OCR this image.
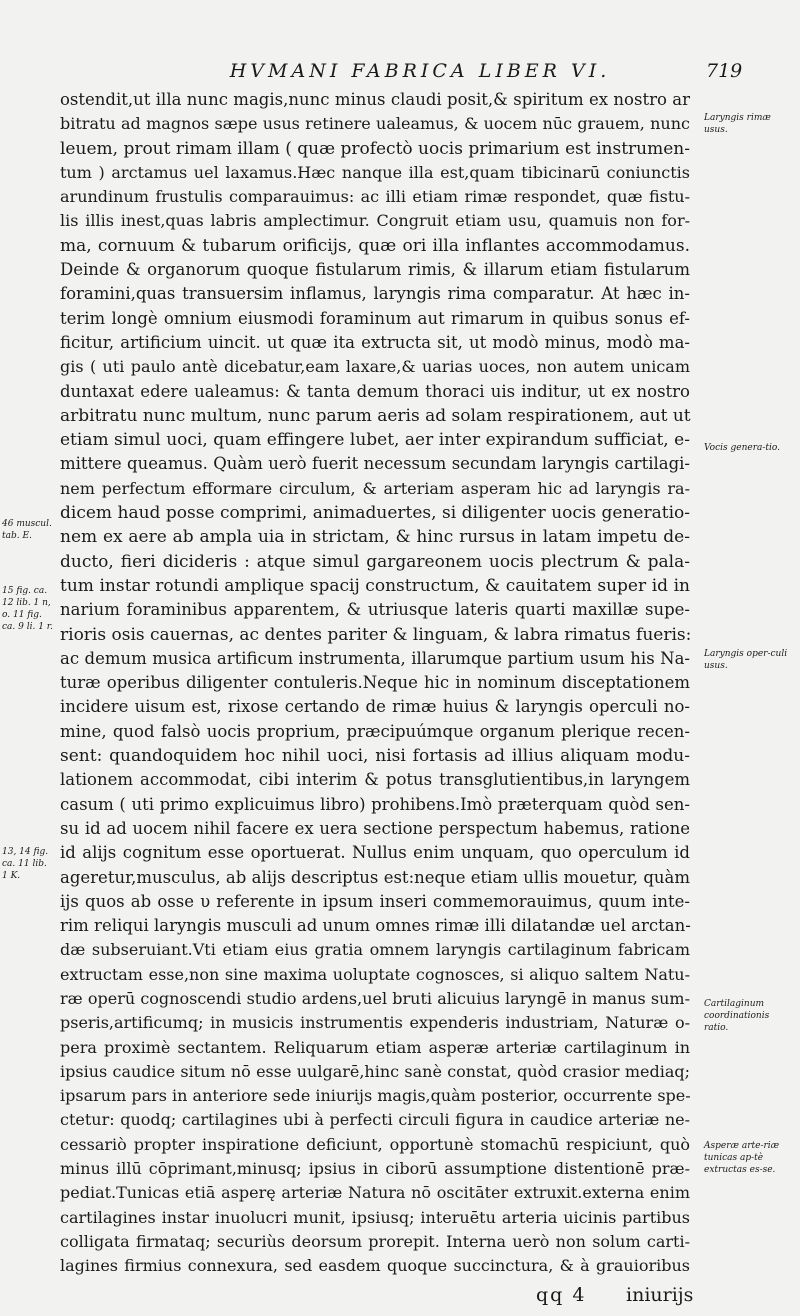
HVMANI FABRICA LIBER VI.	719
ostendit,ut illa nunc magis,nunc minus claudi posit,& spiritum ex nostro ar
bitratu ad magnos sæpe usus retinere ualeamus, & uocem nūc grauem, nunc
leuem, prout rimam illam ( quæ profectò uocis primarium est instrumen-
tum ) arctamus uel laxamus.Hæc nanque illa est,quam tibicinarū coniunctis
arundinum frustulis comparauimus: ac illi etiam rimæ respondet, quæ fistu-
lis illis inest,quas labris amplectimur. Congruit etiam usu, quamuis non for-
ma, cornuum & tubarum orificijs, quæ ori illa inflantes accommodamus.
Deinde & organorum quoque fistularum rimis, & illarum etiam fistularum
foramini,quas transuersim inflamus, laryngis rima comparatur. At hæc in-
terim longè omnium eiusmodi foraminum aut rimarum in quibus sonus ef-
ficitur, artificium uincit. ut quæ ita extructa sit, ut modò minus, modò ma-
gis ( uti paulo antè dicebatur,eam laxare,& uarias uoces, non autem unicam
duntaxat edere ualeamus: & tanta demum thoraci uis inditur, ut ex nostro
arbitratu nunc multum, nunc parum aeris ad solam respirationem, aut ut
etiam simul uoci, quam effingere lubet, aer inter expirandum sufficiat, e-
mittere queamus. Quàm uerò fuerit necessum secundam laryngis cartilagi-
nem perfectum efformare circulum, & arteriam asperam hic ad laryngis ra-
dicem haud posse comprimi, animaduertes, si diligenter uocis generatio-
nem ex aere ab ampla uia in strictam, & hinc rursus in latam impetu de-
ducto, fieri dicideris : atque simul gargareonem uocis plectrum & pala-
tum instar rotundi amplique spacij constructum, & cauitatem super id in
narium foraminibus apparentem, & utriusque lateris quarti maxillæ supe-
rioris osis cauernas, ac dentes pariter & linguam, & labra rimatus fueris:
ac demum musica artificum instrumenta, illarumque partium usum his Na-
turæ operibus diligenter contuleris.Neque hic in nominum disceptationem
incidere uisum est, rixose certando de rimæ huius & laryngis operculi no-
mine, quod falsò uocis proprium, præcipuúmque organum plerique recen-
sent: quandoquidem hoc nihil uoci, nisi fortasis ad illius aliquam modu-
lationem accommodat, cibi interim & potus transglutientibus,in laryngem
casum ( uti primo explicuimus libro) prohibens.Imò præterquam quòd sen-
su id ad uocem nihil facere ex uera sectione perspectum habemus, ratione
id alijs cognitum esse oportuerat. Nullus enim unquam, quo operculum id
ageretur,musculus, ab alijs descriptus est:neque etiam ullis mouetur, quàm
ijs quos ab osse υ referente in ipsum inseri commemorauimus, quum inte-
rim reliqui laryngis musculi ad unum omnes rimæ illi dilatandæ uel arctan-
dæ subseruiant.Vti etiam eius gratia omnem laryngis cartilaginum fabricam
extructam esse,non sine maxima uoluptate cognosces, si aliquo saltem Natu-
ræ operū cognoscendi studio ardens,uel bruti alicuius laryngē in manus sum-
pseris,artificumq; in musicis instrumentis expenderis industriam, Naturæ o-
pera proximè sectantem. Reliquarum etiam asperæ arteriæ cartilaginum in
ipsius caudice situm nō esse uulgarē,hinc sanè constat, quòd crasior mediaq;
ipsarum pars in anteriore sede iniurijs magis,quàm posterior, occurrente spe-
ctetur: quodq; cartilagines ubi à perfecti circuli figura in caudice arteriæ ne-
cessariò propter inspiratione deficiunt, opportunè stomachū respiciunt, quò
minus illū cōprimant,minusq; ipsius in ciborū assumptione distentionē præ-
pediat.Tunicas etiā asperę arteriæ Natura nō oscitāter extruxit.externa enim
cartilagines instar inuolucri munit, ipsiusq; interuētu arteria uicinis partibus
colligata firmataq; securiùs deorsum prorepit. Interna uerò non solum carti-
lagines firmius connexura, sed easdem quoque succinctura, & à grauioribus
Laryngis rimæ usus.
Vocis genera-tio.
Laryngis oper-culi usus.
Cartilaginum coordinationis ratio.
Asperæ arte-riæ tunicas ap-tè extructas es-se.
46 muscul. tab. E.
15 fig. ca. 12 lib. 1 n, o. 11 fig. ca. 9 li. 1 r.
13, 14 fig. ca. 11 lib. 1 K.
qq 4 iniurijs
